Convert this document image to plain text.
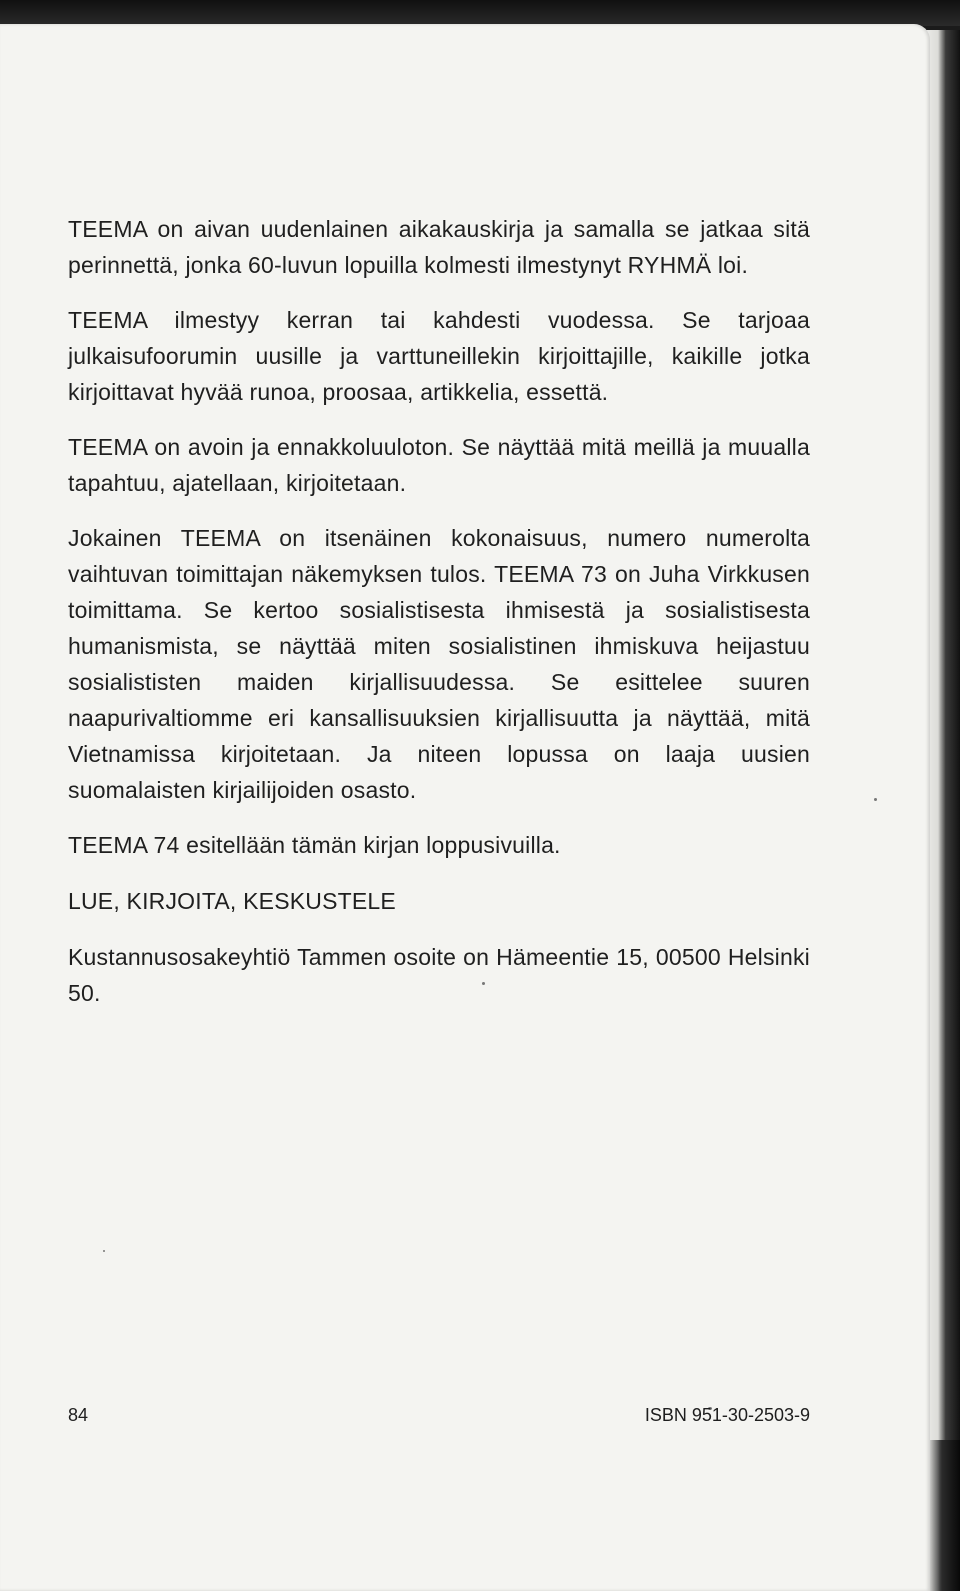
TEEMA on aivan uudenlainen aikakauskirja ja samalla se jatkaa sitä perinnettä, jonka 60-luvun lopuilla kolmesti ilmestynyt RYHMÄ loi.

TEEMA ilmestyy kerran tai kahdesti vuodessa. Se tarjoaa julkaisufoorumin uusille ja varttuneillekin kirjoittajille, kaikille jotka kirjoittavat hyvää runoa, proosaa, artikkelia, essettä.

TEEMA on avoin ja ennakkoluuloton. Se näyttää mitä meillä ja muualla tapahtuu, ajatellaan, kirjoitetaan.

Jokainen TEEMA on itsenäinen kokonaisuus, numero numerolta vaihtuvan toimittajan näkemyksen tulos. TEEMA 73 on Juha Virkkusen toimittama. Se kertoo sosialistisesta ihmisestä ja sosialistisesta humanismista, se näyttää miten sosialistinen ihmiskuva heijastuu sosialististen maiden kirjallisuudessa. Se esittelee suuren naapurivaltiomme eri kansallisuuksien kirjallisuutta ja näyttää, mitä Vietnamissa kirjoitetaan. Ja niteen lopussa on laaja uusien suomalaisten kirjailijoiden osasto.

TEEMA 74 esitellään tämän kirjan loppusivuilla.

LUE, KIRJOITA, KESKUSTELE

Kustannusosakeyhtiö Tammen osoite on Hämeentie 15, 00500 Helsinki 50.

84	ISBN 951-30-2503-9
